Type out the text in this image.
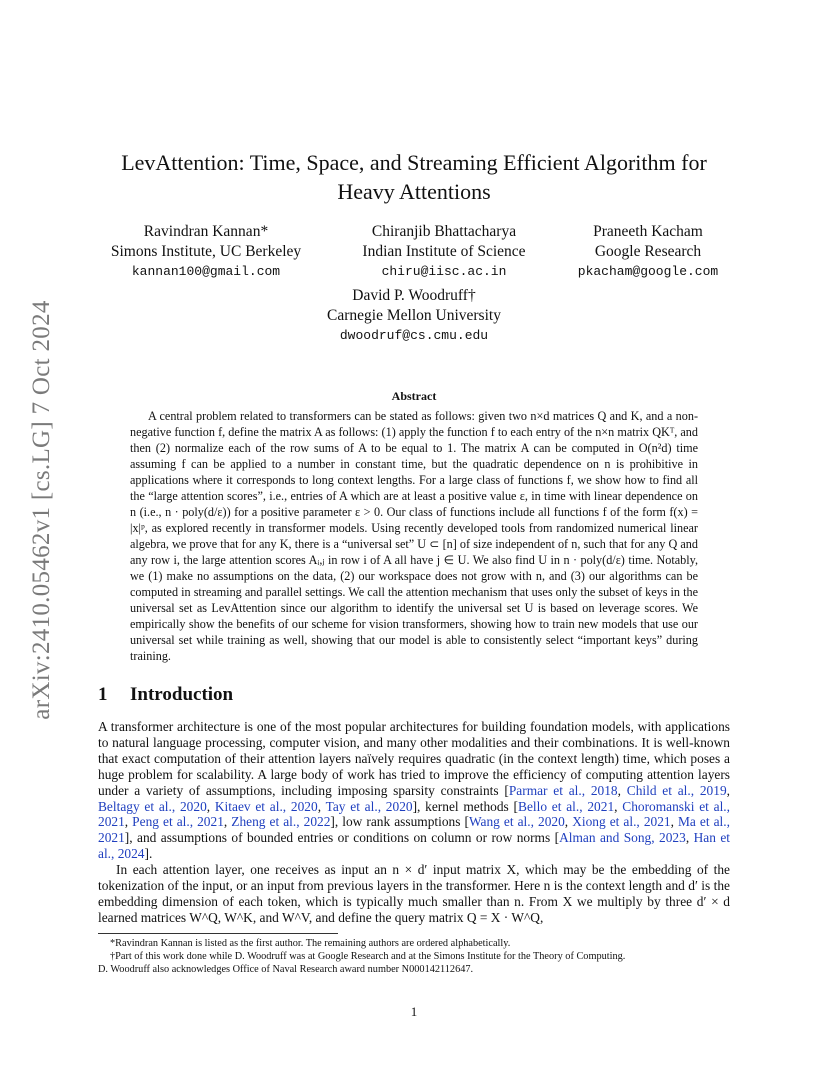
arXiv:2410.05462v1 [cs.LG] 7 Oct 2024
LevAttention: Time, Space, and Streaming Efficient Algorithm for
Heavy Attentions
Ravindran Kannan*
Simons Institute, UC Berkeley
kannan100@gmail.com
Chiranjib Bhattacharya
Indian Institute of Science
chiru@iisc.ac.in
Praneeth Kacham
Google Research
pkacham@google.com
David P. Woodruff†
Carnegie Mellon University
dwoodruf@cs.cmu.edu
Abstract
A central problem related to transformers can be stated as follows: given two n×d matrices Q and K, and a non-negative function f, define the matrix A as follows: (1) apply the function f to each entry of the n×n matrix QKᵀ, and then (2) normalize each of the row sums of A to be equal to 1. The matrix A can be computed in O(n²d) time assuming f can be applied to a number in constant time, but the quadratic dependence on n is prohibitive in applications where it corresponds to long context lengths. For a large class of functions f, we show how to find all the “large attention scores”, i.e., entries of A which are at least a positive value ε, in time with linear dependence on n (i.e., n · poly(d/ε)) for a positive parameter ε > 0. Our class of functions include all functions f of the form f(x) = |x|ᵖ, as explored recently in transformer models. Using recently developed tools from randomized numerical linear algebra, we prove that for any K, there is a “universal set” U ⊂ [n] of size independent of n, such that for any Q and any row i, the large attention scores Aᵢ,ⱼ in row i of A all have j ∈ U. We also find U in n · poly(d/ε) time. Notably, we (1) make no assumptions on the data, (2) our workspace does not grow with n, and (3) our algorithms can be computed in streaming and parallel settings. We call the attention mechanism that uses only the subset of keys in the universal set as LevAttention since our algorithm to identify the universal set U is based on leverage scores. We empirically show the benefits of our scheme for vision transformers, showing how to train new models that use our universal set while training as well, showing that our model is able to consistently select “important keys” during training.
1 Introduction
A transformer architecture is one of the most popular architectures for building foundation models, with applications to natural language processing, computer vision, and many other modalities and their combinations. It is well-known that exact computation of their attention layers naïvely requires quadratic (in the context length) time, which poses a huge problem for scalability. A large body of work has tried to improve the efficiency of computing attention layers under a variety of assumptions, including imposing sparsity constraints [Parmar et al., 2018, Child et al., 2019, Beltagy et al., 2020, Kitaev et al., 2020, Tay et al., 2020], kernel methods [Bello et al., 2021, Choromanski et al., 2021, Peng et al., 2021, Zheng et al., 2022], low rank assumptions [Wang et al., 2020, Xiong et al., 2021, Ma et al., 2021], and assumptions of bounded entries or conditions on column or row norms [Alman and Song, 2023, Han et al., 2024].
In each attention layer, one receives as input an n × d′ input matrix X, which may be the embedding of the tokenization of the input, or an input from previous layers in the transformer. Here n is the context length and d′ is the embedding dimension of each token, which is typically much smaller than n. From X we multiply by three d′ × d learned matrices W^Q, W^K, and W^V, and define the query matrix Q = X · W^Q,
*Ravindran Kannan is listed as the first author. The remaining authors are ordered alphabetically.
†Part of this work done while D. Woodruff was at Google Research and at the Simons Institute for the Theory of Computing.
D. Woodruff also acknowledges Office of Naval Research award number N000142112647.
1
